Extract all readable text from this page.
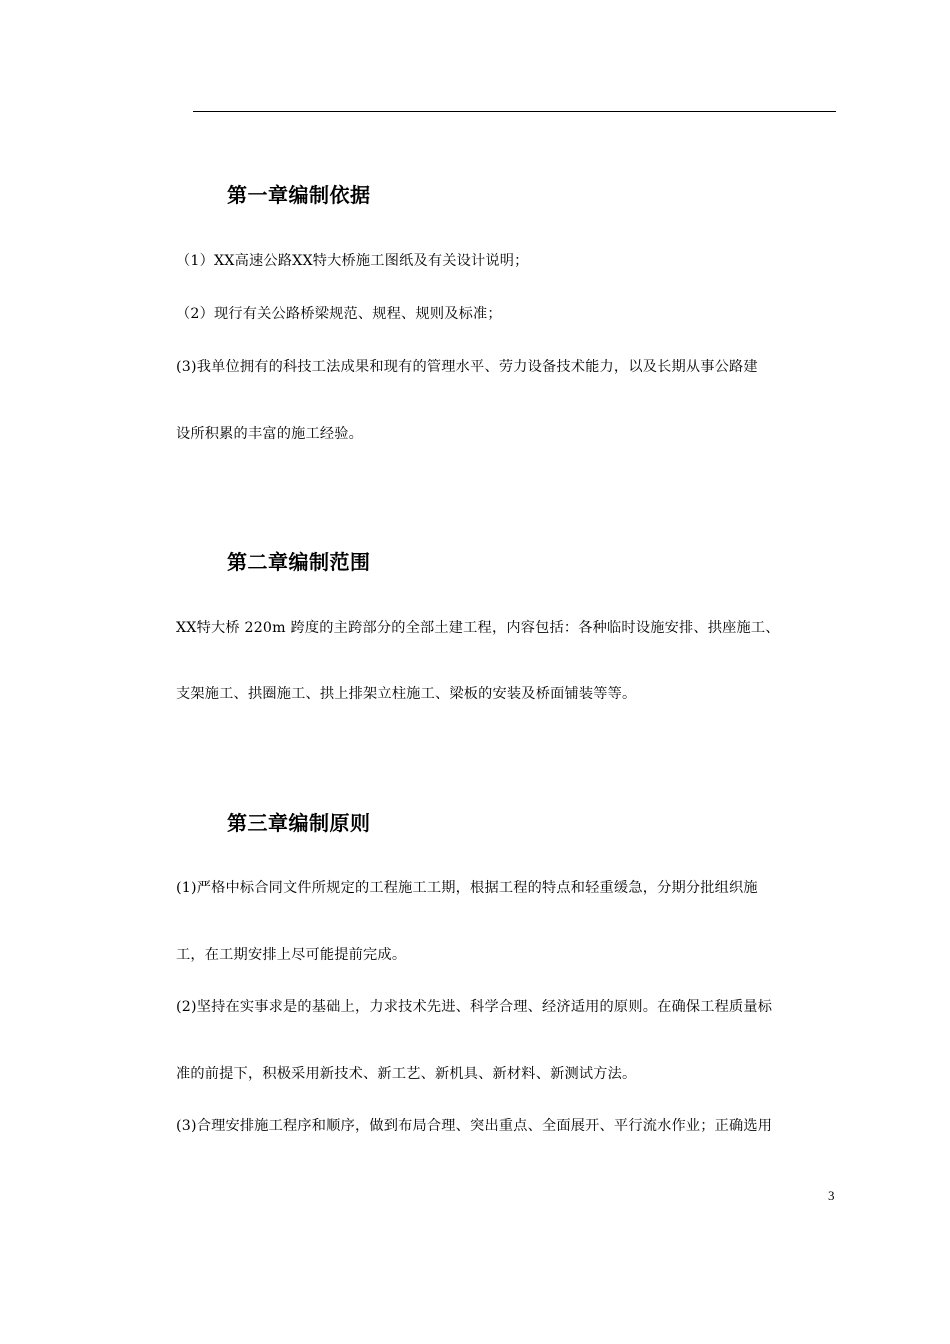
第一章编制依据
（1）XX高速公路XX特大桥施工图纸及有关设计说明；
（2）现行有关公路桥梁规范、规程、规则及标准；
(3)我单位拥有的科技工法成果和现有的管理水平、劳力设备技术能力，以及长期从事公路建
设所积累的丰富的施工经验。
第二章编制范围
XX特大桥 220m 跨度的主跨部分的全部土建工程，内容包括：各种临时设施安排、拱座施工、
支架施工、拱圈施工、拱上排架立柱施工、梁板的安装及桥面铺装等等。
第三章编制原则
(1)严格中标合同文件所规定的工程施工工期，根据工程的特点和轻重缓急，分期分批组织施
工，在工期安排上尽可能提前完成。
(2)坚持在实事求是的基础上，力求技术先进、科学合理、经济适用的原则。在确保工程质量标
准的前提下，积极采用新技术、新工艺、新机具、新材料、新测试方法。
(3)合理安排施工程序和顺序，做到布局合理、突出重点、全面展开、平行流水作业；正确选用
3
